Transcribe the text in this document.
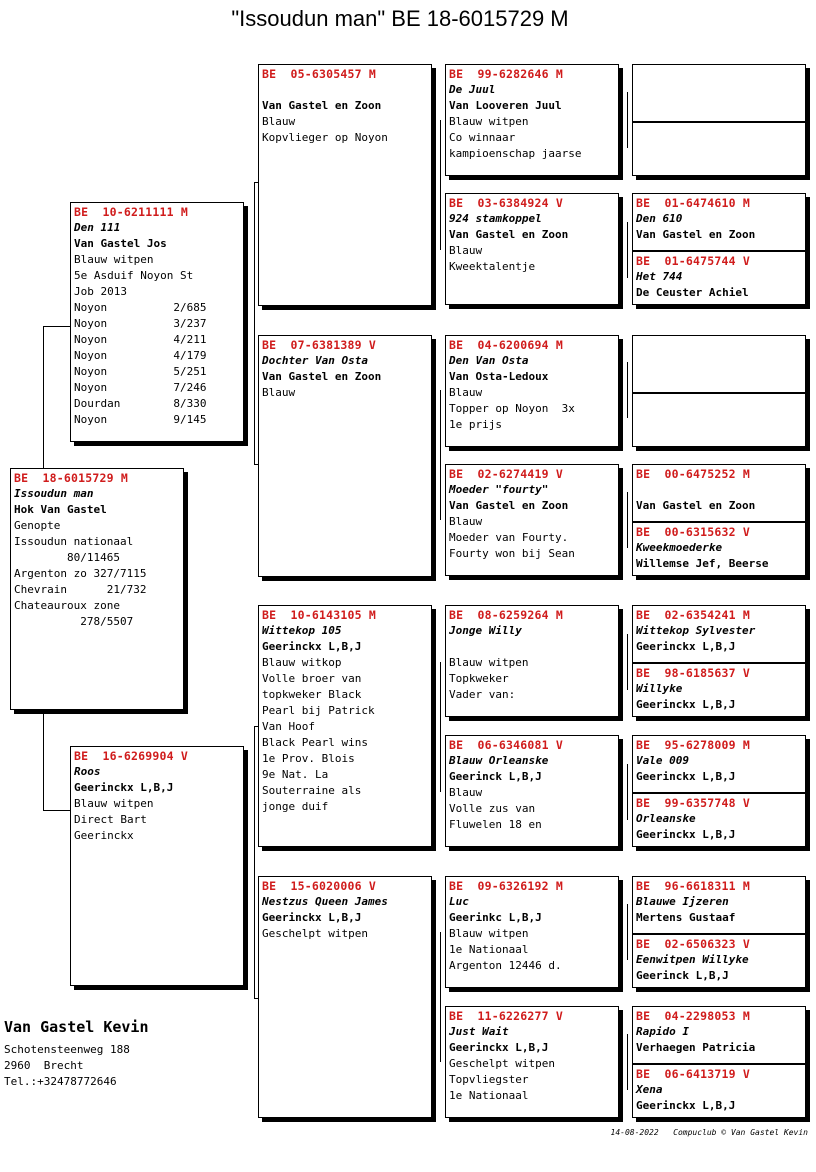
"Issoudun man" BE 18-6015729 M
BE  18-6015729 M
Issoudun man
Hok Van Gastel
Genopte
Issoudun nationaal
80/11465
Argenton zo 327/7115
Chevrain      21/732
Chateauroux zone
278/5507
BE  10-6211111 M
Den 111
Van Gastel Jos
Blauw witpen
5e Asduif Noyon St
Job 2013
Noyon          2/685
Noyon          3/237
Noyon          4/211
Noyon          4/179
Noyon          5/251
Noyon          7/246
Dourdan        8/330
Noyon          9/145
BE  16-6269904 V
Roos
Geerinckx L,B,J
Blauw witpen
Direct Bart
Geerinckx
BE  05-6305457 M
Van Gastel en Zoon
Blauw
Kopvlieger op Noyon
BE  07-6381389 V
Dochter Van Osta
Van Gastel en Zoon
Blauw
BE  10-6143105 M
Wittekop 105
Geerinckx L,B,J
Blauw witkop
Volle broer van
topkweker Black
Pearl bij Patrick
Van Hoof
Black Pearl wins
1e Prov. Blois
9e Nat. La
Souterraine als
jonge duif
BE  15-6020006 V
Nestzus Queen James
Geerinckx L,B,J
Geschelpt witpen
BE  99-6282646 M
De Juul
Van Looveren Juul
Blauw witpen
Co winnaar
kampioenschap jaarse
BE  03-6384924 V
924 stamkoppel
Van Gastel en Zoon
Blauw
Kweektalentje
BE  04-6200694 M
Den Van Osta
Van Osta-Ledoux
Blauw
Topper op Noyon  3x
1e prijs
BE  02-6274419 V
Moeder "fourty"
Van Gastel en Zoon
Blauw
Moeder van Fourty.
Fourty won bij Sean
BE  08-6259264 M
Jonge Willy
Blauw witpen
Topkweker
Vader van:
BE  06-6346081 V
Blauw Orleanske
Geerinck L,B,J
Blauw
Volle zus van
Fluwelen 18 en
BE  09-6326192 M
Luc
Geerinkc L,B,J
Blauw witpen
1e Nationaal
Argenton 12446 d.
BE  11-6226277 V
Just Wait
Geerinckx L,B,J
Geschelpt witpen
Topvliegster
1e Nationaal
BE  01-6474610 M
Den 610
Van Gastel en Zoon
BE  01-6475744 V
Het 744
De Ceuster Achiel
BE  00-6475252 M
Van Gastel en Zoon
BE  00-6315632 V
Kweekmoederke
Willemse Jef, Beerse
BE  02-6354241 M
Wittekop Sylvester
Geerinckx L,B,J
BE  98-6185637 V
Willyke
Geerinckx L,B,J
BE  95-6278009 M
Vale 009
Geerinckx L,B,J
BE  99-6357748 V
Orleanske
Geerinckx L,B,J
BE  96-6618311 M
Blauwe Ijzeren
Mertens Gustaaf
BE  02-6506323 V
Eenwitpen Willyke
Geerinck L,B,J
BE  04-2298053 M
Rapido I
Verhaegen Patricia
BE  06-6413719 V
Xena
Geerinckx L,B,J
Van Gastel Kevin
Schotensteenweg 188
2960  Brecht
Tel.:+32478772646
14-08-2022   Compuclub © Van Gastel Kevin
